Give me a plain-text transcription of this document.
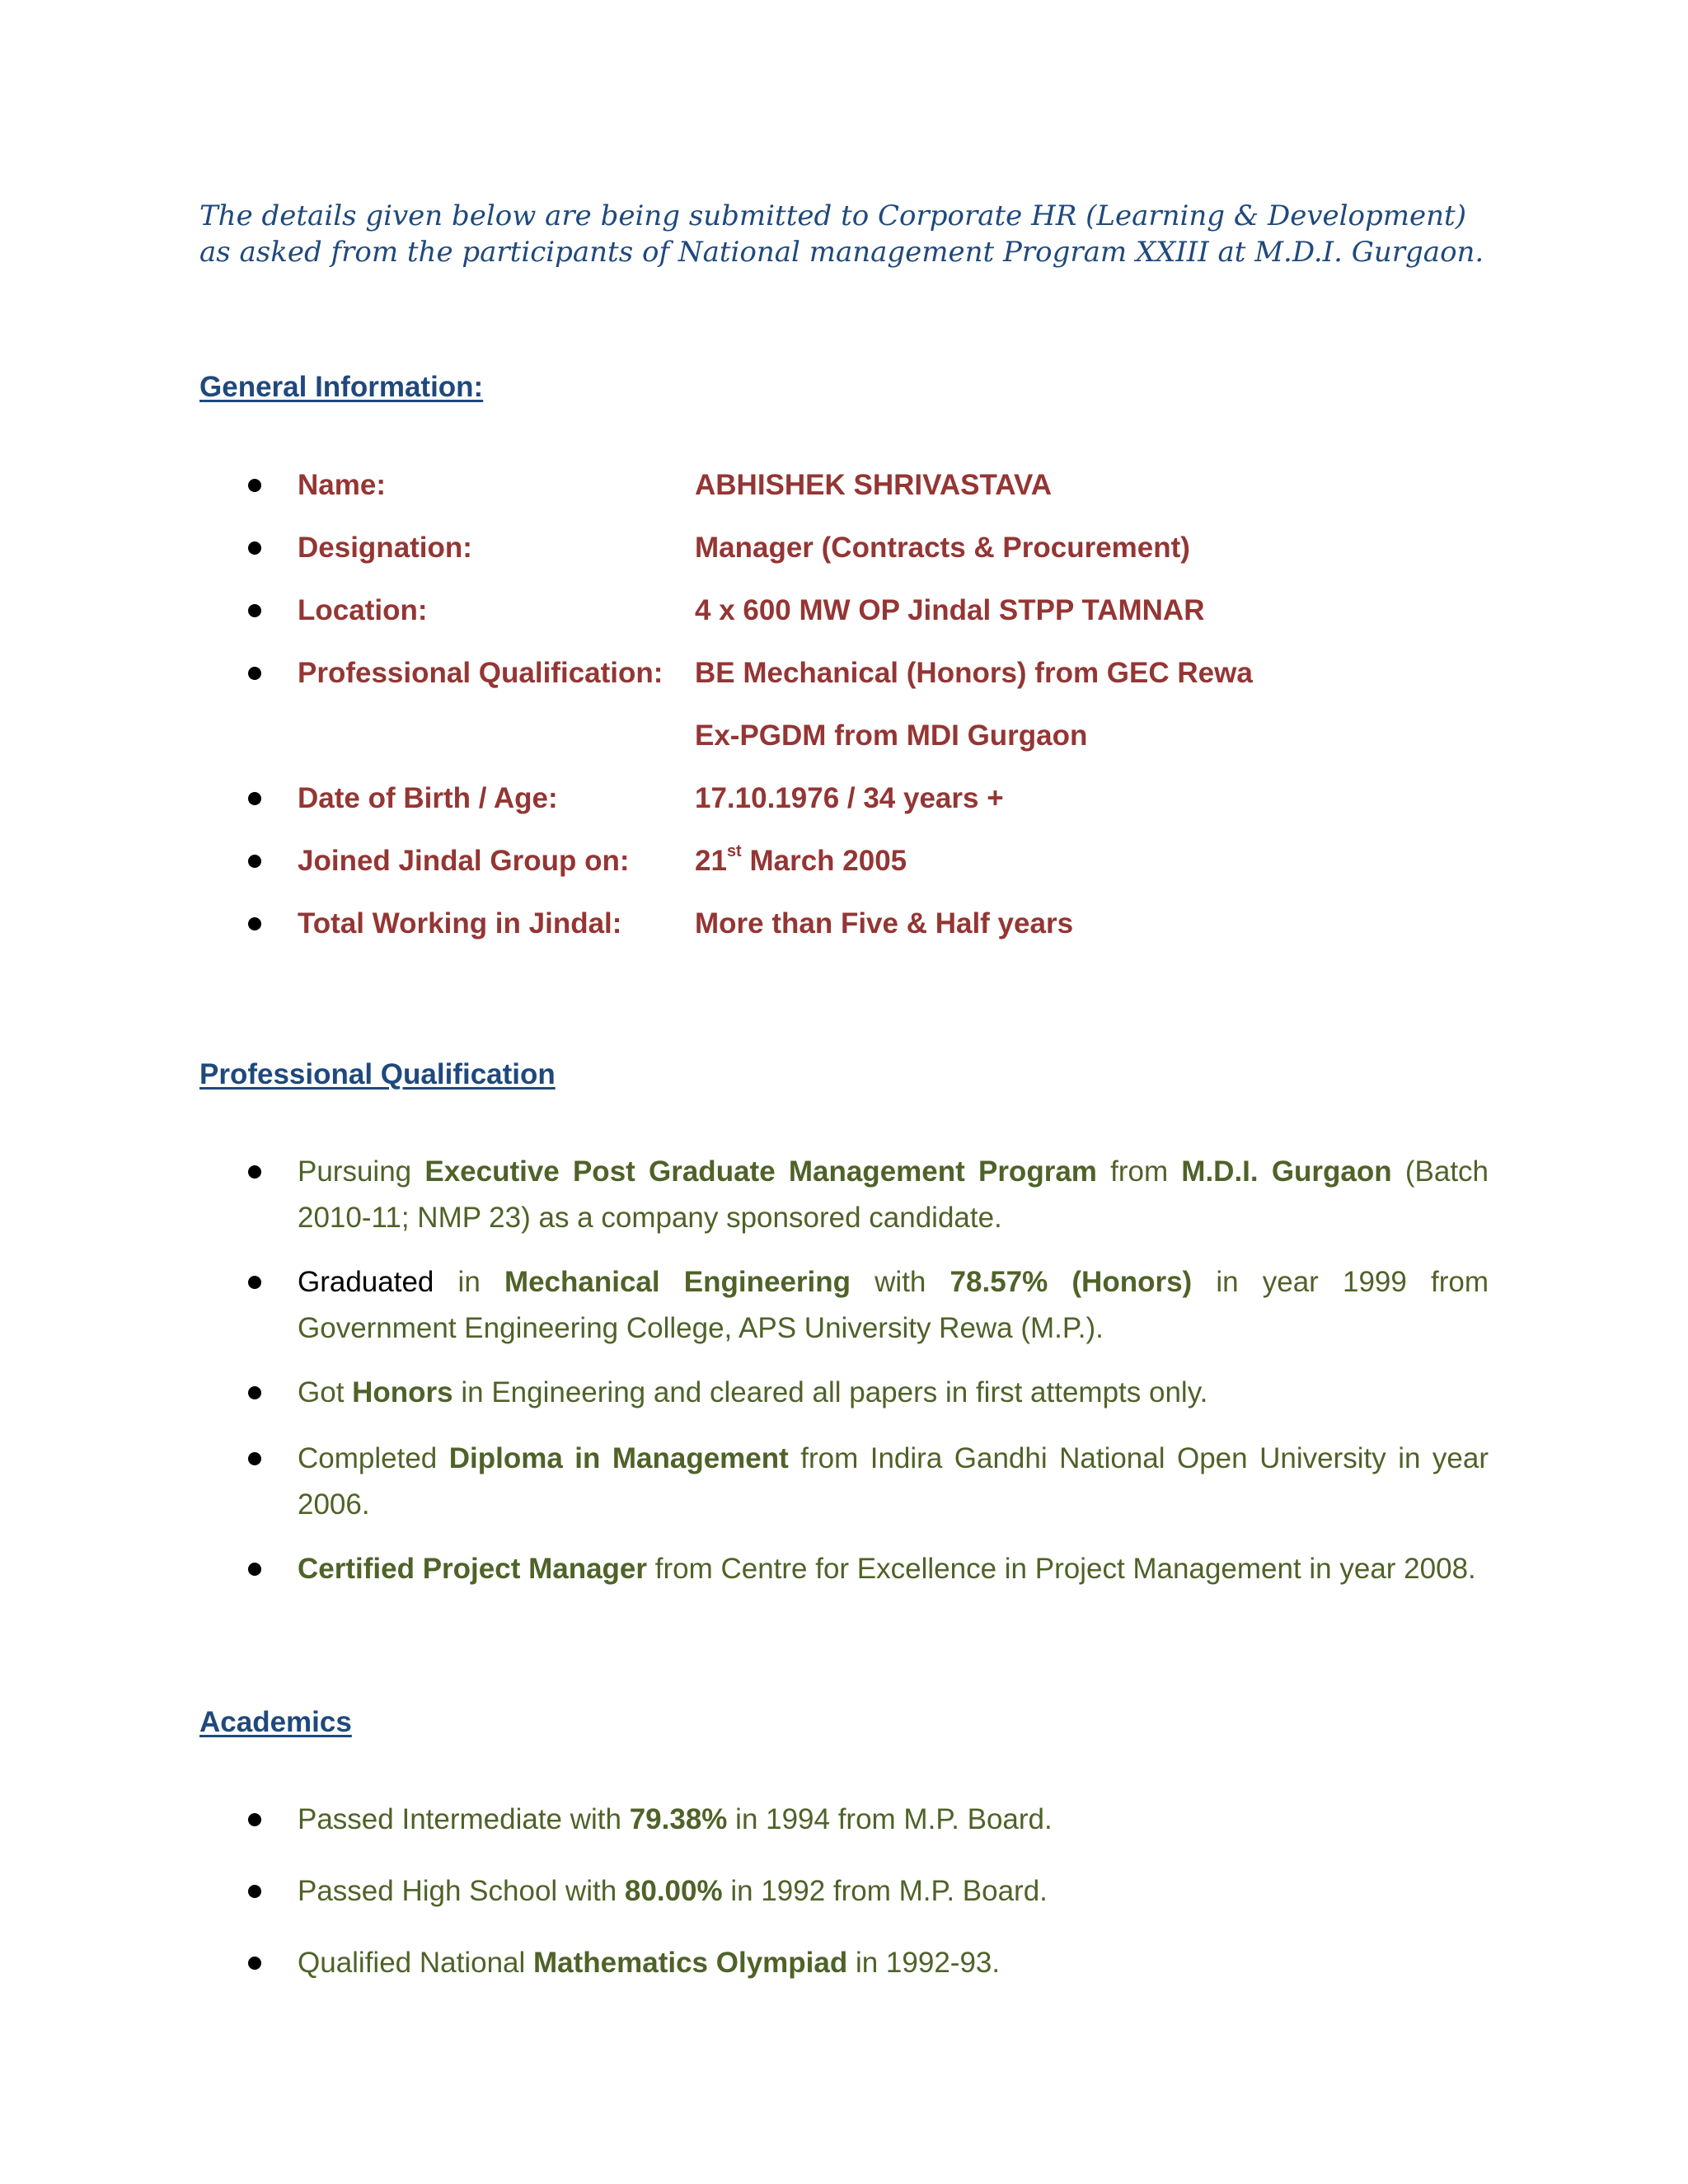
The details given below are being submitted to Corporate HR (Learning & Development) as asked from the participants of National management Program XXIII at M.D.I. Gurgaon.
General Information:
Name:	ABHISHEK SHRIVASTAVA
Designation:	Manager (Contracts & Procurement)
Location:	4 x 600 MW OP Jindal STPP TAMNAR
Professional Qualification: BE Mechanical (Honors) from GEC Rewa
Ex-PGDM from MDI Gurgaon
Date of Birth / Age:	17.10.1976 / 34 years +
Joined Jindal Group on: 21st March 2005
Total Working in Jindal:	More than Five & Half years
Professional Qualification
Pursuing Executive Post Graduate Management Program from M.D.I. Gurgaon (Batch 2010-11; NMP 23) as a company sponsored candidate.
Graduated in Mechanical Engineering with 78.57% (Honors) in year 1999 from Government Engineering College, APS University Rewa (M.P.).
Got Honors in Engineering and cleared all papers in first attempts only.
Completed Diploma in Management from Indira Gandhi National Open University in year 2006.
Certified Project Manager from Centre for Excellence in Project Management in year 2008.
Academics
Passed Intermediate with 79.38% in 1994 from M.P. Board.
Passed High School with 80.00% in 1992 from M.P. Board.
Qualified National Mathematics Olympiad in 1992-93.
